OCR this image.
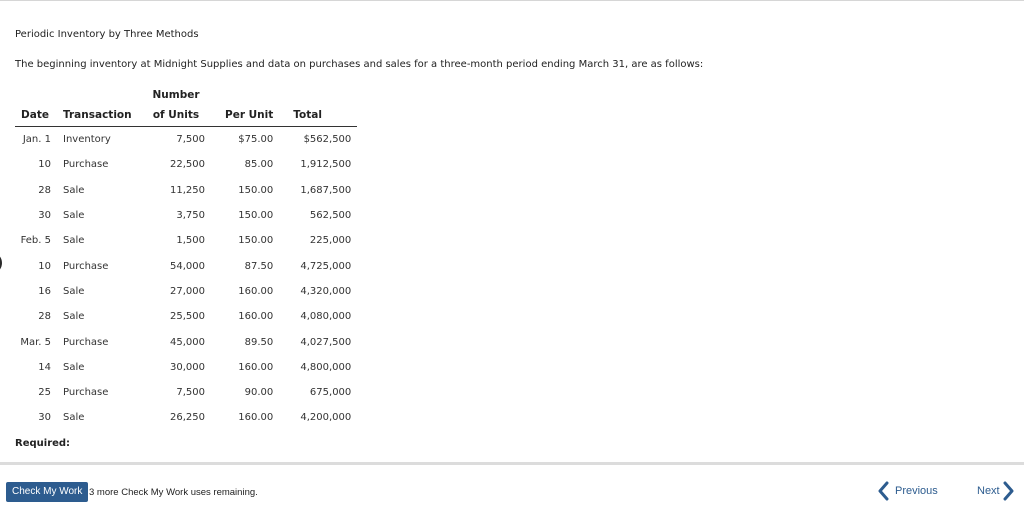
Periodic Inventory by Three Methods
The beginning inventory at Midnight Supplies and data on purchases and sales for a three-month period ending March 31, are as follows:
		Number		
Date	Transaction	of Units	Per Unit	Total
Jan. 1	Inventory	7,500	$75.00	$562,500
10	Purchase	22,500	85.00	1,912,500
28	Sale	11,250	150.00	1,687,500
30	Sale	3,750	150.00	562,500
Feb. 5	Sale	1,500	150.00	225,000
10	Purchase	54,000	87.50	4,725,000
16	Sale	27,000	160.00	4,320,000
28	Sale	25,500	160.00	4,080,000
Mar. 5	Purchase	45,000	89.50	4,027,500
14	Sale	30,000	160.00	4,800,000
25	Purchase	7,500	90.00	675,000
30	Sale	26,250	160.00	4,200,000
Required:
Check My Work 3 more Check My Work uses remaining.	Previous	Next
